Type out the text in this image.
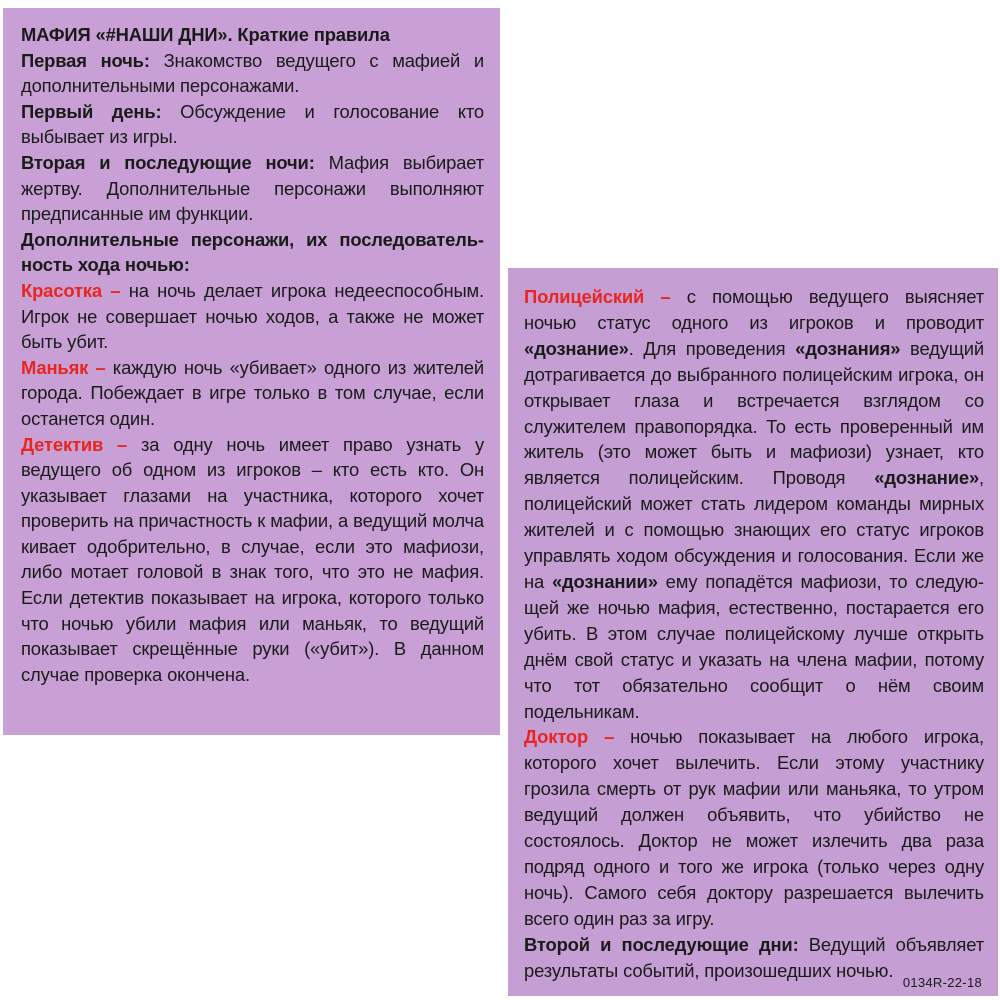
МАФИЯ «#НАШИ ДНИ». Краткие правила

Первая ночь: Знакомство ведущего с мафией и дополнительными персонажами.

Первый день: Обсуждение и голосование кто выбывает из игры.

Вторая и последующие ночи: Мафия выбирает жертву. Дополнительные персонажи выполняют предписанные им функции.

Дополнительные персонажи, их последовательность хода ночью:

Красотка – на ночь делает игрока недееспособным. Игрок не совершает ночью ходов, а также не может быть убит.

Маньяк – каждую ночь «убивает» одного из жителей города. Побеждает в игре только в том случае, если останется один.

Детектив – за одну ночь имеет право узнать у ведущего об одном из игроков – кто есть кто. Он указывает глазами на участника, которого хочет проверить на причастность к мафии, а ведущий молча кивает одобрительно, в случае, если это мафиози, либо мотает головой в знак того, что это не мафия. Если детектив показывает на игрока, которого только что ночью убили мафия или маньяк, то ведущий показывает скрещённые руки («убит»). В данном случае проверка окончена.

Полицейский – с помощью ведущего выясняет ночью статус одного из игроков и проводит «дознание». Для проведения «дознания» ведущий дотрагивается до выбранного полицейским игрока, он открывает глаза и встречается взглядом со служителем правопорядка. То есть проверенный им житель (это может быть и мафиози) узнает, кто является полицейским. Проводя «дознание», полицейский может стать лидером команды мирных жителей и с помощью знающих его статус игроков управлять ходом обсуждения и голосования. Если же на «дознании» ему попадётся мафиози, то следующей же ночью мафия, естественно, постарается его убить. В этом случае полицейскому лучше открыть днём свой статус и указать на члена мафии, потому что тот обязательно сообщит о нём своим подельникам.

Доктор – ночью показывает на любого игрока, которого хочет вылечить. Если этому участнику грозила смерть от рук мафии или маньяка, то утром ведущий должен объявить, что убийство не состоялось. Доктор не может излечить два раза подряд одного и того же игрока (только через одну ночь). Самого себя доктору разрешается вылечить всего один раз за игру.

Второй и последующие дни: Ведущий объявляет результаты событий, произошедших ночью.

0134R-22-18
